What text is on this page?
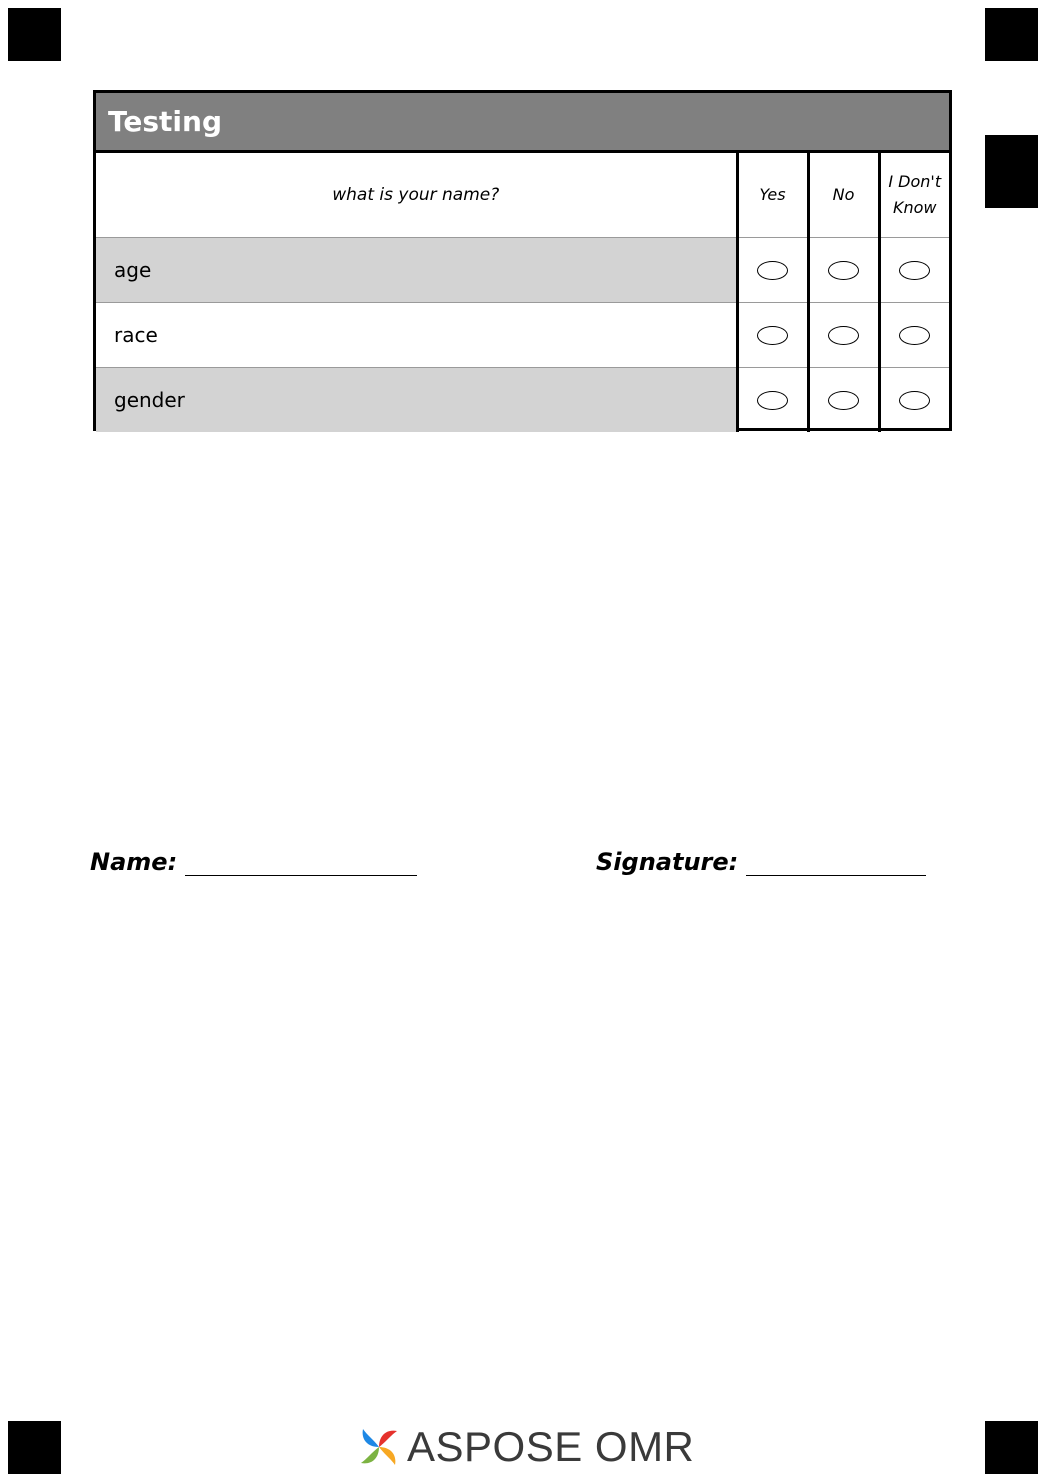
Testing
what is your name?	Yes	No	I Don't Know
age			
race			
gender			
Name:	Signature:
ASPOSE OMR
